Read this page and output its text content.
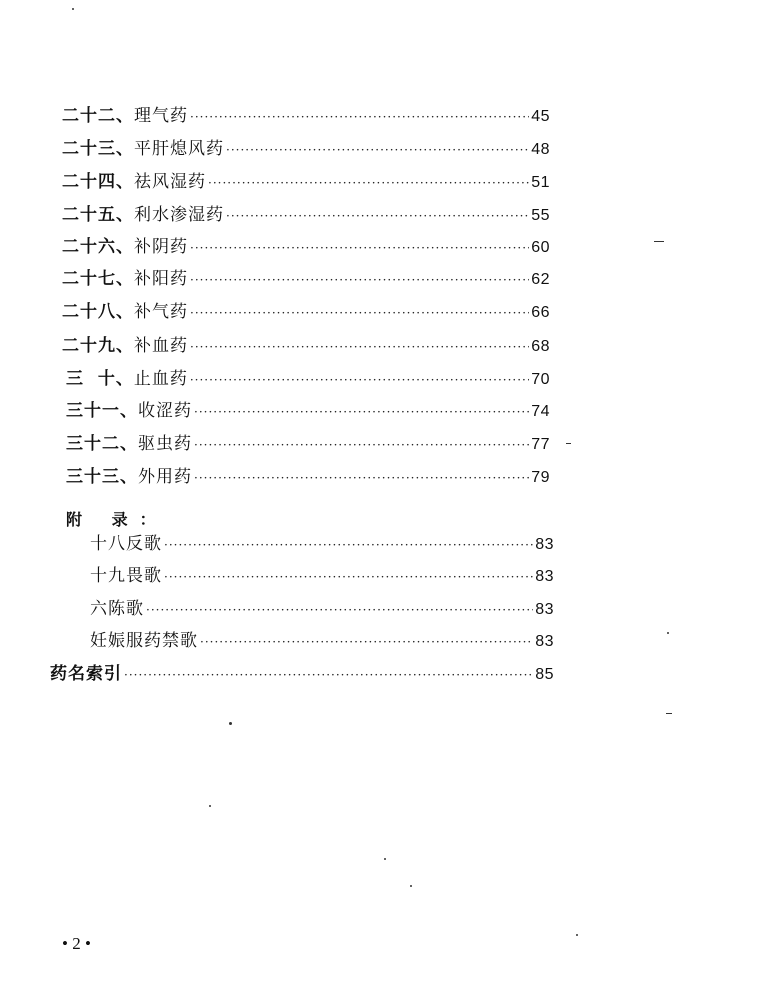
二十二、 理气药 ·····	45
二十三、 平肝熄风药 ·····	48
二十四、 祛风湿药 ·····	51
二十五、 利水渗湿药 ·····	55
二十六、 补阴药 ·····	60
二十七、 补阳药 ·····	62
二十八、 补气药 ·····	66
二十九、 补血药 ·····	68
三  十、 止血药 ·····	70
三十一、 收涩药 ·····	74
三十二、 驱虫药 ·····	77
三十三、 外用药 ·····	79
附 录：
十八反歌 ·····	83
十九畏歌 ·····	83
六陈歌 ·····	83
妊娠服药禁歌 ·····	83
药名索引 ·····	85
• 2 •
